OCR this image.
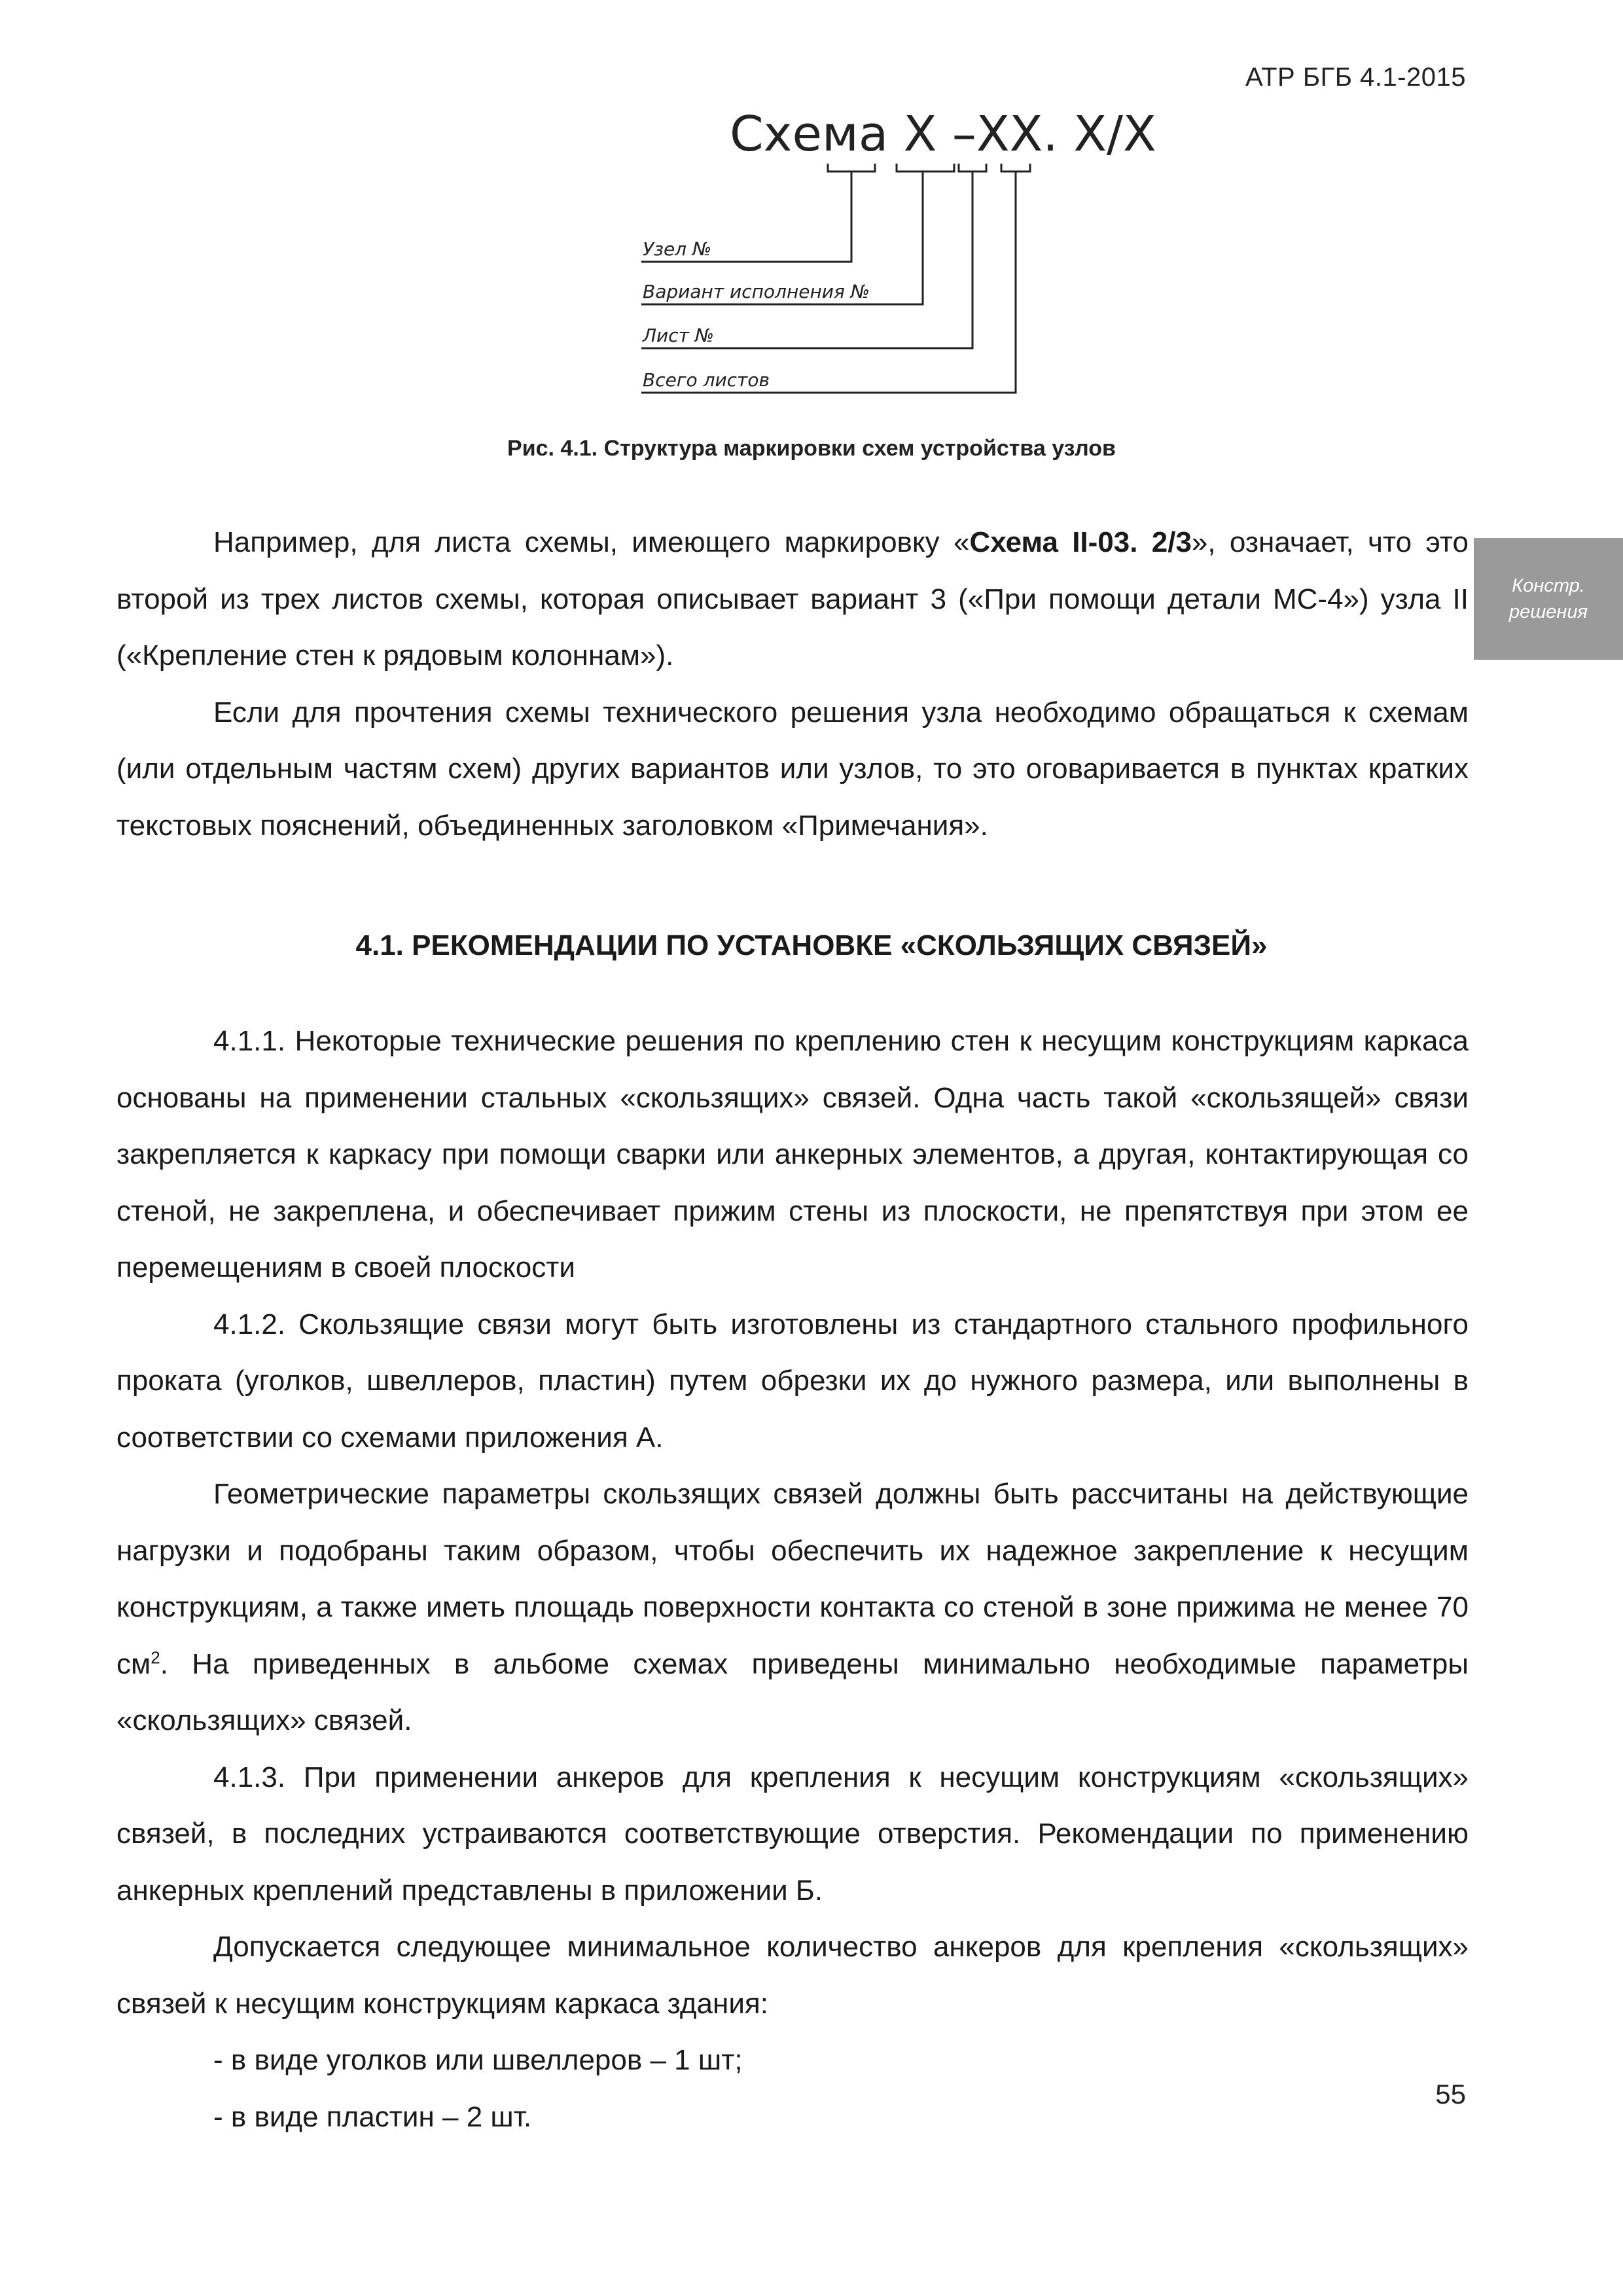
АТР БГБ 4.1-2015
Констр.
решения
Схема X –XX. X/X
Узел №
Вариант исполнения №
Лист №
Всего листов
Рис. 4.1. Структура маркировки схем устройства узлов

Например, для листа схемы, имеющего маркировку «Схема II-03. 2/3», означает, что это второй из трех листов схемы, которая описывает вариант 3 («При помощи детали МС-4») узла II («Крепление стен к рядовым колоннам»).

Если для прочтения схемы технического решения узла необходимо обращаться к схемам (или отдельным частям схем) других вариантов или узлов, то это оговаривается в пунктах кратких текстовых пояснений, объединенных заголовком «Примечания».

4.1. РЕКОМЕНДАЦИИ ПО УСТАНОВКЕ «СКОЛЬЗЯЩИХ СВЯЗЕЙ»

4.1.1. Некоторые технические решения по креплению стен к несущим конструкциям каркаса основаны на применении стальных «скользящих» связей. Одна часть такой «скользящей» связи закрепляется к каркасу при помощи сварки или анкерных элементов, а другая, контактирующая со стеной, не закреплена, и обеспечивает прижим стены из плоскости, не препятствуя при этом ее перемещениям в своей плоскости

4.1.2. Скользящие связи могут быть изготовлены из стандартного стального профильного проката (уголков, швеллеров, пластин) путем обрезки их до нужного размера, или выполнены в соответствии со схемами приложения А.

Геометрические параметры скользящих связей должны быть рассчитаны на действующие нагрузки и подобраны таким образом, чтобы обеспечить их надежное закрепление к несущим конструкциям, а также иметь площадь поверхности контакта со стеной в зоне прижима не менее 70 $см^2$. На приведенных в альбоме схемах приведены минимально необходимые параметры «скользящих» связей.

4.1.3. При применении анкеров для крепления к несущим конструкциям «скользящих» связей, в последних устраиваются соответствующие отверстия. Рекомендации по применению анкерных креплений представлены в приложении Б.

Допускается следующее минимальное количество анкеров для крепления «скользящих» связей к несущим конструкциям каркаса здания:

- в виде уголков или швеллеров – 1 шт;

- в виде пластин – 2 шт.

55
